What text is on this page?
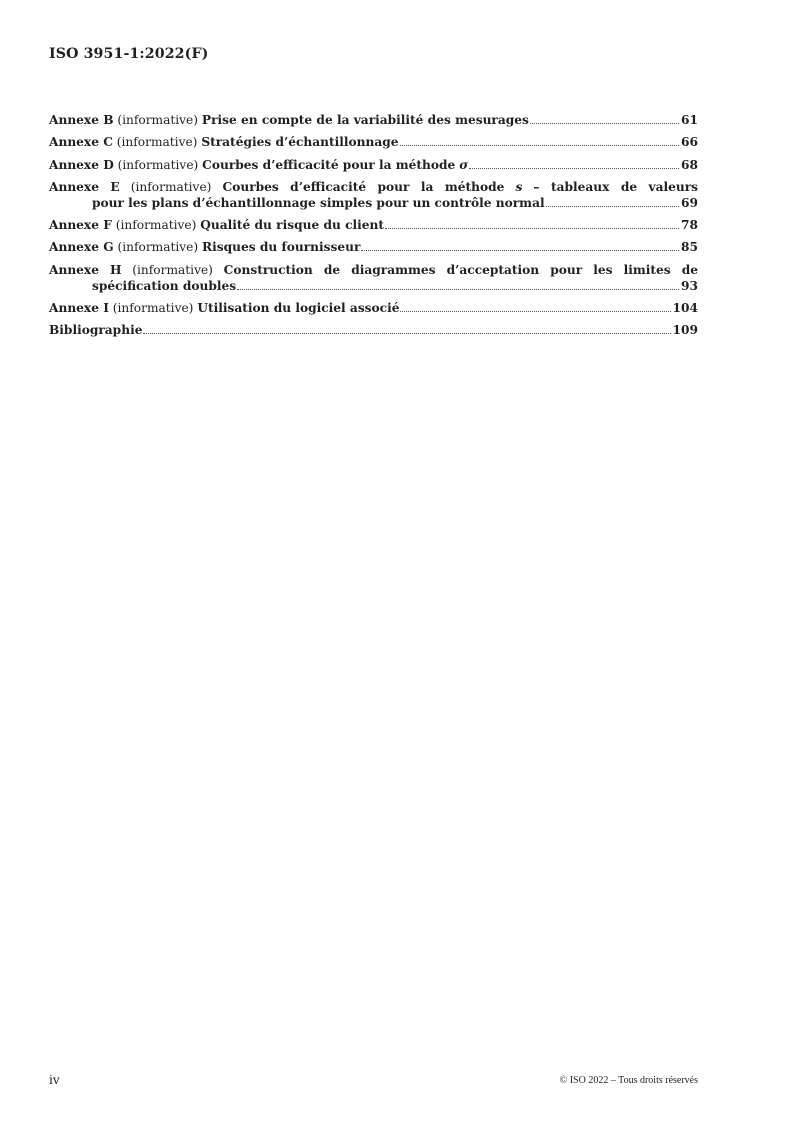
ISO 3951-1:2022(F)
Annexe B (informative) Prise en compte de la variabilité des mesurages	61
Annexe C (informative) Stratégies d’échantillonnage	66
Annexe D (informative) Courbes d’efficacité pour la méthode σ	68
Annexe E (informative) Courbes d’efficacité pour la méthode s – tableaux de valeurs
pour les plans d’échantillonnage simples pour un contrôle normal	69
Annexe F (informative) Qualité du risque du client	78
Annexe G (informative) Risques du fournisseur	85
Annexe H (informative) Construction de diagrammes d’acceptation pour les limites de
spécification doubles	93
Annexe I (informative) Utilisation du logiciel associé	104
Bibliographie	109
iv	© ISO 2022 – Tous droits réservés
